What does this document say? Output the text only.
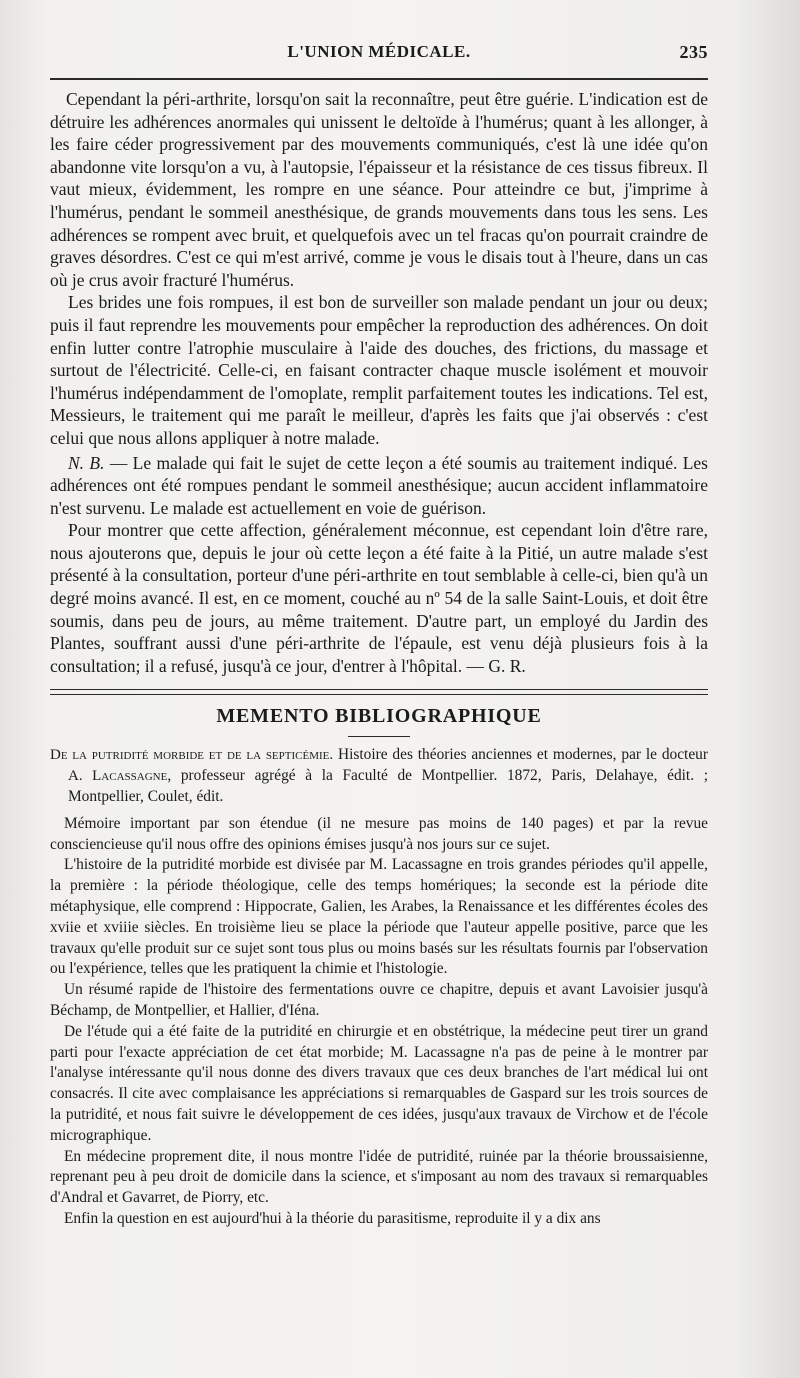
L'UNION MÉDICALE.	235

Cependant la péri-arthrite, lorsqu'on sait la reconnaître, peut être guérie. L'indication est de détruire les adhérences anormales qui unissent le deltoïde à l'humérus; quant à les allonger, à les faire céder progressivement par des mouvements communiqués, c'est là une idée qu'on abandonne vite lorsqu'on a vu, à l'autopsie, l'épaisseur et la résistance de ces tissus fibreux. Il vaut mieux, évidemment, les rompre en une séance. Pour atteindre ce but, j'imprime à l'humérus, pendant le sommeil anesthésique, de grands mouvements dans tous les sens. Les adhérences se rompent avec bruit, et quelquefois avec un tel fracas qu'on pourrait craindre de graves désordres. C'est ce qui m'est arrivé, comme je vous le disais tout à l'heure, dans un cas où je crus avoir fracturé l'humérus.

Les brides une fois rompues, il est bon de surveiller son malade pendant un jour ou deux; puis il faut reprendre les mouvements pour empêcher la reproduction des adhérences. On doit enfin lutter contre l'atrophie musculaire à l'aide des douches, des frictions, du massage et surtout de l'électricité. Celle-ci, en faisant contracter chaque muscle isolément et mouvoir l'humérus indépendamment de l'omoplate, remplit parfaitement toutes les indications. Tel est, Messieurs, le traitement qui me paraît le meilleur, d'après les faits que j'ai observés : c'est celui que nous allons appliquer à notre malade.

N. B. — Le malade qui fait le sujet de cette leçon a été soumis au traitement indiqué. Les adhérences ont été rompues pendant le sommeil anesthésique; aucun accident inflammatoire n'est survenu. Le malade est actuellement en voie de guérison.

Pour montrer que cette affection, généralement méconnue, est cependant loin d'être rare, nous ajouterons que, depuis le jour où cette leçon a été faite à la Pitié, un autre malade s'est présenté à la consultation, porteur d'une péri-arthrite en tout semblable à celle-ci, bien qu'à un degré moins avancé. Il est, en ce moment, couché au nº 54 de la salle Saint-Louis, et doit être soumis, dans peu de jours, au même traitement. D'autre part, un employé du Jardin des Plantes, souffrant aussi d'une péri-arthrite de l'épaule, est venu déjà plusieurs fois à la consultation; il a refusé, jusqu'à ce jour, d'entrer à l'hôpital. — G. R.

MEMENTO BIBLIOGRAPHIQUE

De la putridité morbide et de la septicémie. Histoire des théories anciennes et modernes, par le docteur A. Lacassagne, professeur agrégé à la Faculté de Montpellier. 1872, Paris, Delahaye, édit. ; Montpellier, Coulet, édit.

Mémoire important par son étendue (il ne mesure pas moins de 140 pages) et par la revue consciencieuse qu'il nous offre des opinions émises jusqu'à nos jours sur ce sujet.

L'histoire de la putridité morbide est divisée par M. Lacassagne en trois grandes périodes qu'il appelle, la première : la période théologique, celle des temps homériques; la seconde est la période dite métaphysique, elle comprend : Hippocrate, Galien, les Arabes, la Renaissance et les différentes écoles des xviie et xviiie siècles. En troisième lieu se place la période que l'auteur appelle positive, parce que les travaux qu'elle produit sur ce sujet sont tous plus ou moins basés sur les résultats fournis par l'observation ou l'expérience, telles que les pratiquent la chimie et l'histologie.

Un résumé rapide de l'histoire des fermentations ouvre ce chapitre, depuis et avant Lavoisier jusqu'à Béchamp, de Montpellier, et Hallier, d'Iéna.

De l'étude qui a été faite de la putridité en chirurgie et en obstétrique, la médecine peut tirer un grand parti pour l'exacte appréciation de cet état morbide; M. Lacassagne n'a pas de peine à le montrer par l'analyse intéressante qu'il nous donne des divers travaux que ces deux branches de l'art médical lui ont consacrés. Il cite avec complaisance les appréciations si remarquables de Gaspard sur les trois sources de la putridité, et nous fait suivre le développement de ces idées, jusqu'aux travaux de Virchow et de l'école micrographique.

En médecine proprement dite, il nous montre l'idée de putridité, ruinée par la théorie broussaisienne, reprenant peu à peu droit de domicile dans la science, et s'imposant au nom des travaux si remarquables d'Andral et Gavarret, de Piorry, etc.

Enfin la question en est aujourd'hui à la théorie du parasitisme, reproduite il y a dix ans
